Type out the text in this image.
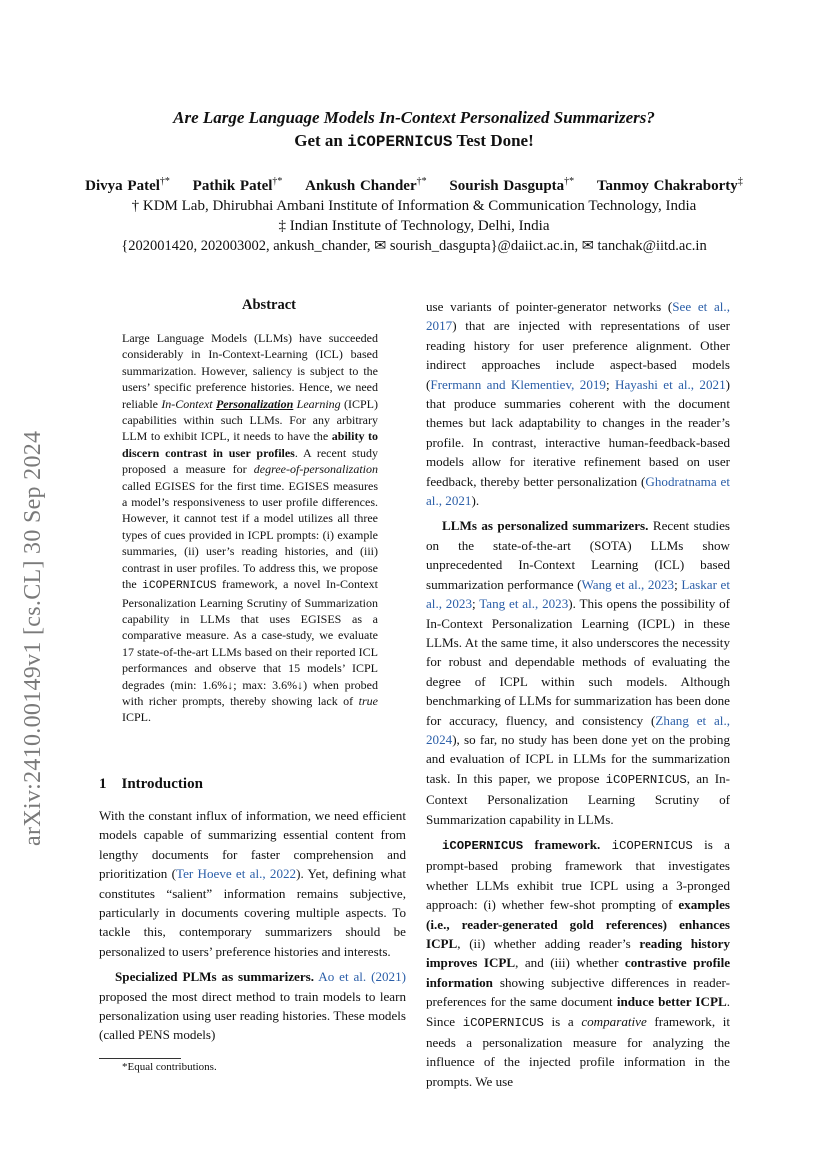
Are Large Language Models In-Context Personalized Summarizers?
Get an iCOPERNICUS Test Done!
Divya Patel†* Pathik Patel†* Ankush Chander†* Sourish Dasgupta†* Tanmoy Chakraborty‡
† KDM Lab, Dhirubhai Ambani Institute of Information & Communication Technology, India
‡ Indian Institute of Technology, Delhi, India
{202001420, 202003002, ankush_chander, ✉ sourish_dasgupta}@daiict.ac.in, ✉ tanchak@iitd.ac.in
arXiv:2410.00149v1 [cs.CL] 30 Sep 2024
Abstract

Large Language Models (LLMs) have succeeded considerably in In-Context-Learning (ICL) based summarization. However, saliency is subject to the users’ specific preference histories. Hence, we need reliable In-Context Personalization Learning (ICPL) capabilities within such LLMs. For any arbitrary LLM to exhibit ICPL, it needs to have the ability to discern contrast in user profiles. A recent study proposed a measure for degree-of-personalization called EGISES for the first time. EGISES measures a model’s responsiveness to user profile differences. However, it cannot test if a model utilizes all three types of cues provided in ICPL prompts: (i) example summaries, (ii) user’s reading histories, and (iii) contrast in user profiles. To address this, we propose the iCOPERNICUS framework, a novel In-Context Personalization Learning Scrutiny of Summarization capability in LLMs that uses EGISES as a comparative measure. As a case-study, we evaluate 17 state-of-the-art LLMs based on their reported ICL performances and observe that 15 models’ ICPL degrades (min: 1.6%↓; max: 3.6%↓) when probed with richer prompts, thereby showing lack of true ICPL.

1 Introduction

With the constant influx of information, we need efficient models capable of summarizing essential content from lengthy documents for faster comprehension and prioritization (Ter Hoeve et al., 2022). Yet, defining what constitutes “salient” information remains subjective, particularly in documents covering multiple aspects. To tackle this, contemporary summarizers should be personalized to users’ preference histories and interests.

Specialized PLMs as summarizers. Ao et al. (2021) proposed the most direct method to train models to learn personalization using user reading histories. These models (called PENS models)

*Equal contributions.

use variants of pointer-generator networks (See et al., 2017) that are injected with representations of user reading history for user preference alignment. Other indirect approaches include aspect-based models (Frermann and Klementiev, 2019; Hayashi et al., 2021) that produce summaries coherent with the document themes but lack adaptability to changes in the reader’s profile. In contrast, interactive human-feedback-based models allow for iterative refinement based on user feedback, thereby better personalization (Ghodratnama et al., 2021).

LLMs as personalized summarizers. Recent studies on the state-of-the-art (SOTA) LLMs show unprecedented In-Context Learning (ICL) based summarization performance (Wang et al., 2023; Laskar et al., 2023; Tang et al., 2023). This opens the possibility of In-Context Personalization Learning (ICPL) in these LLMs. At the same time, it also underscores the necessity for robust and dependable methods of evaluating the degree of ICPL within such models. Although benchmarking of LLMs for summarization has been done for accuracy, fluency, and consistency (Zhang et al., 2024), so far, no study has been done yet on the probing and evaluation of ICPL in LLMs for the summarization task. In this paper, we propose iCOPERNICUS, an In-Context Personalization Learning Scrutiny of Summarization capability in LLMs.

iCOPERNICUS framework. iCOPERNICUS is a prompt-based probing framework that investigates whether LLMs exhibit true ICPL using a 3-pronged approach: (i) whether few-shot prompting of examples (i.e., reader-generated gold references) enhances ICPL, (ii) whether adding reader’s reading history improves ICPL, and (iii) whether contrastive profile information showing subjective differences in reader-preferences for the same document induce better ICPL. Since iCOPERNICUS is a comparative framework, it needs a personalization measure for analyzing the influence of the injected profile information in the prompts. We use
